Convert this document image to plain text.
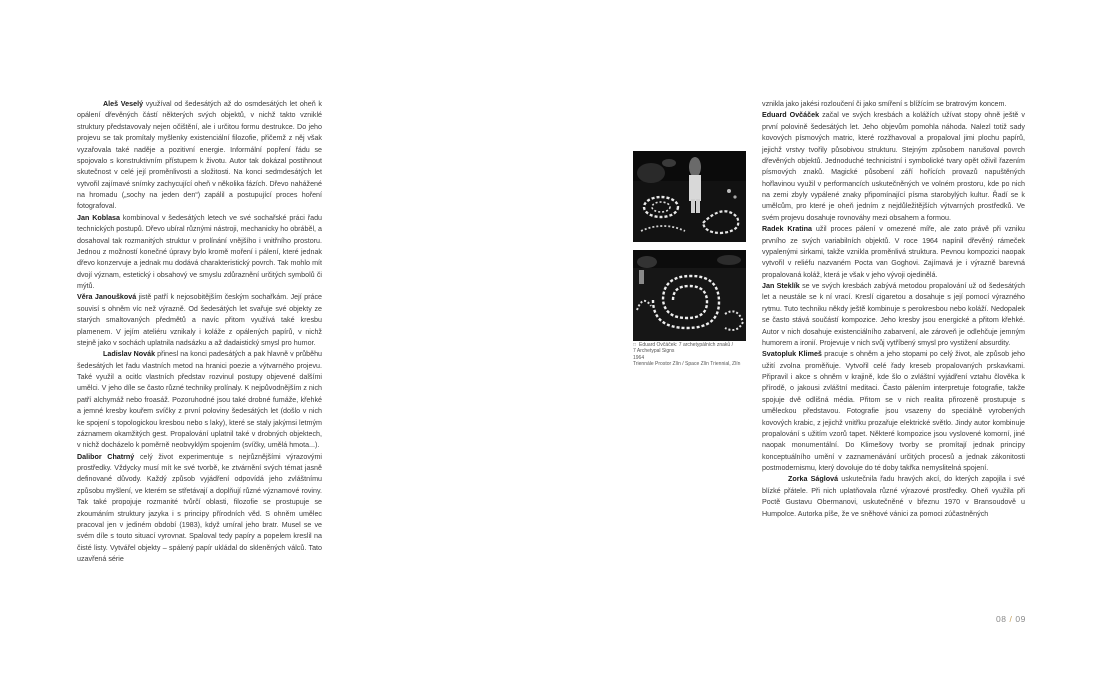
Aleš Veselý využíval od šedesátých až do osmdesátých let oheň k opálení dřevěných částí některých svých objektů, v nichž takto vzniklé struktury představovaly nejen očištění, ale i určitou formu destrukce. Do jeho projevu se tak promítaly myšlenky existenciální filozofie, přičemž z něj však vyzařovala také naděje a pozitivní energie. Informální popření řádu se spojovalo s konstruktivním přístupem k životu. Autor tak dokázal postihnout skutečnost v celé její proměnlivosti a složitosti. Na konci sedmdesátých let vytvořil zajímavé snímky zachycující oheň v několika fázích. Dřevo nahážené na hromadu („sochy na jeden den“) zapálil a postupující proces hoření fotografoval.

Jan Koblasa kombinoval v šedesátých letech ve své sochařské práci řadu technických postupů. Dřevo ubíral různými nástroji, mechanicky ho obráběl, a dosahoval tak rozmanitých struktur v prolínání vnějšího i vnitřního prostoru. Jednou z možností konečné úpravy bylo kromě moření i pálení, které jednak dřevo konzervuje a jednak mu dodává charakteristický povrch. Tak mohlo mít dvojí význam, estetický i obsahový ve smyslu zdůraznění určitých symbolů či mýtů.

Věra Janoušková jistě patří k nejosobitějším českým sochařkám. Její práce souvisí s ohněm víc než výrazně. Od šedesátých let svařuje své objekty ze starých smaltovaných předmětů a navíc přitom využívá také kresbu plamenem. V jejím ateliéru vznikaly i koláže z opálených papírů, v nichž stejně jako v sochách uplatnila nadsázku a až dadaistický smysl pro humor.

Ladislav Novák přinesl na konci padesátých a pak hlavně v průběhu šedesátých let řadu vlastních metod na hranici poezie a výtvarného projevu. Také využil a ocitlc vlastních představ rozvinul postupy objevené dalšími umělci. V jeho díle se často různé techniky prolínaly. K nejpůvodnějším z nich patří alchymáž nebo froasáž. Pozoruhodné jsou také drobné fumáže, křehké a jemné kresby kouřem svíčky z první poloviny šedesátých let (došlo v nich ke spojení s topologickou kresbou nebo s laky), které se staly jakýmsi letmým záznamem okamžitých gest. Propalování uplatnil také v drobných objektech, v nichž docházelo k poměrně neobvyklým spojením (svíčky, umělá hmota...).

Dalibor Chatrný celý život experimentuje s nejrůznějšími výrazovými prostředky. Vždycky musí mít ke své tvorbě, ke ztvárnění svých témat jasně definované důvody. Každý způsob vyjádření odpovídá jeho zvláštnímu způsobu myšlení, ve kterém se střetávají a doplňují různé významové roviny. Tak také propojuje rozmanité tvůrčí oblasti, filozofie se prostupuje se zkoumáním struktury jazyka i s principy přírodních věd. S ohněm umělec pracoval jen v jediném období (1983), když umíral jeho bratr. Musel se ve svém díle s touto situací vyrovnat. Spaloval tedy papíry a popelem kreslil na čisté listy. Vytvářel objekty – spálený papír ukládal do skleněných válců. Tato uzavřená série

□ Eduard Ovčáček: 7 archetypálních znaků /
7 Archetypal Signs
1964
Triennále Prostor Zlín / Space Zlín Triennial, Zlín

vznikla jako jakési rozloučení či jako smíření s blížícím se bratrovým koncem.

Eduard Ovčáček začal ve svých kresbách a kolážích užívat stopy ohně ještě v první polovině šedesátých let. Jeho objevům pomohla náhoda. Nalezl totiž sady kovových písmových matric, které rozžhavoval a propaloval jimi plochu papírů, jejichž vrstvy tvořily působivou strukturu. Stejným způsobem narušoval povrch dřevěných objektů. Jednoduché technicistní i symbolické tvary opět oživil řazením písmových znaků. Magické působení září hořících provazů napuštěných hořlavinou využil v performancích uskutečněných ve volném prostoru, kde po nich na zemi zbyly vypálené znaky připomínající písma starobylých kultur. Řadí se k umělcům, pro které je oheň jedním z nejdůležitějších výtvarných prostředků. Ve svém projevu dosahuje rovnováhy mezi obsahem a formou.

Radek Kratina užil proces pálení v omezené míře, ale zato právě při vzniku prvního ze svých variabilních objektů. V roce 1964 napínil dřevěný rámeček vypalenými sirkami, takže vznikla proměnlivá struktura. Pevnou kompozici naopak vytvořil v reliéfu nazvaném Pocta van Goghovi. Zajímavá je i výrazně barevná propalovaná koláž, která je však v jeho vývoji ojedinělá.

Jan Steklík se ve svých kresbách zabývá metodou propalování už od šedesátých let a neustále se k ní vrací. Kreslí cigaretou a dosahuje s její pomocí výrazného rytmu. Tuto techniku někdy ještě kombinuje s perokresbou nebo koláží. Nedopalek se často stává součástí kompozice. Jeho kresby jsou energické a přitom křehké. Autor v nich dosahuje existenciálního zabarvení, ale zároveň je odlehčuje jemným humorem a ironií. Projevuje v nich svůj vytříbený smysl pro vystižení absurdity.

Svatopluk Klimeš pracuje s ohněm a jeho stopami po celý život, ale způsob jeho užití zvolna proměňuje. Vytvořil celé řady kreseb propalovaných prskavkami. Připravil i akce s ohněm v krajině, kde šlo o zvláštní vyjádření vztahu člověka k přírodě, o jakousi zvláštní meditaci. Často pálením interpretuje fotografie, takže spojuje dvě odlišná média. Přitom se v nich realita přirozeně prostupuje s uměleckou představou. Fotografie jsou vsazeny do speciálně vyrobených kovových krabic, z jejichž vnitřku prozařuje elektrické světlo. Jindy autor kombinuje propalování s užitím vzorů tapet. Některé kompozice jsou vyslovené komorní, jiné naopak monumentální. Do Klimešovy tvorby se promítají jednak principy konceptuálního umění v zaznamenávání určitých procesů a jednak zákonitosti postmodernismu, který dovoluje do té doby takřka nemyslitelná spojení.

Zorka Ságlová uskutečnila řadu hravých akcí, do kterých zapojila i své blízké přátele. Při nich uplatňovala různé výrazové prostředky. Oheň využila při Poctě Gustavu Obermanovi, uskutečněné v březnu 1970 v Bransoudově u Humpolce. Autorka píše, že ve sněhové vánici za pomoci zúčastněných

08 / 09
